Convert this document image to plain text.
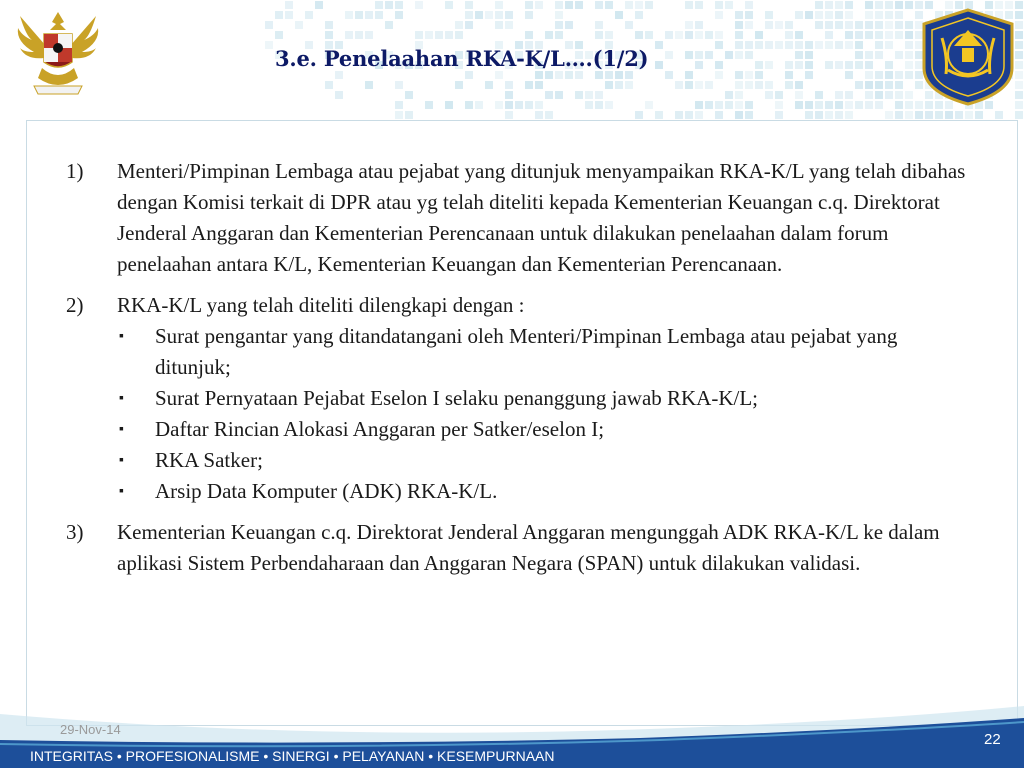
3.e. Penelaahan RKA-K/L….(1/2)
1) Menteri/Pimpinan Lembaga atau pejabat yang ditunjuk menyampaikan RKA-K/L yang telah dibahas dengan Komisi terkait di DPR atau yg telah diteliti kepada Kementerian Keuangan c.q. Direktorat Jenderal Anggaran dan Kementerian Perencanaan untuk dilakukan penelaahan dalam forum penelaahan antara K/L, Kementerian Keuangan dan Kementerian Perencanaan.
2) RKA-K/L yang telah diteliti dilengkapi dengan :
▪ Surat pengantar yang ditandatangani oleh Menteri/Pimpinan Lembaga atau pejabat yang ditunjuk;
▪ Surat Pernyataan Pejabat Eselon I selaku penanggung jawab RKA-K/L;
▪ Daftar Rincian Alokasi Anggaran per Satker/eselon I;
▪ RKA Satker;
▪ Arsip Data Komputer (ADK) RKA-K/L.
3) Kementerian Keuangan c.q. Direktorat Jenderal Anggaran mengunggah ADK RKA-K/L ke dalam aplikasi Sistem Perbendaharaan dan Anggaran Negara (SPAN) untuk dilakukan validasi.
29-Nov-14
INTEGRITAS • PROFESIONALISME • SINERGI • PELAYANAN • KESEMPURNAAN
22
